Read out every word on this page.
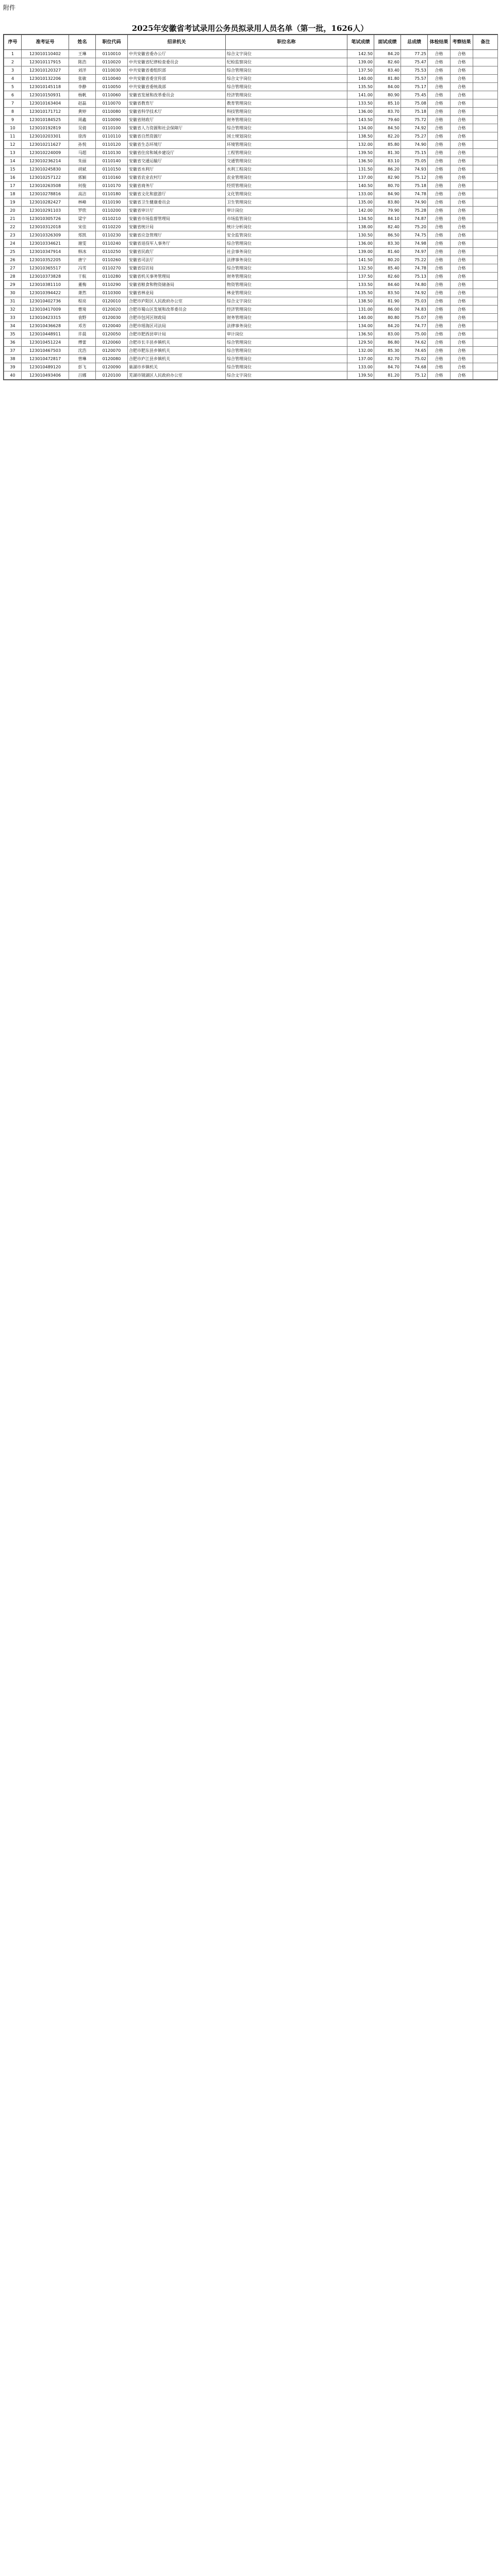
附件
2025年安徽省考试录用公务员拟录用人员名单（第一批，1626人）
序号	准考证号	姓名	职位代码	招录机关	职位名称	笔试成绩	面试成绩	总成绩	体检结果	考察结果	备注
1	123010110402	王琳	0110010	中共安徽省委办公厅	综合文字岗位	142.50	84.20	77.25	合格	合格	
2	123010117915	陈浩	0110020	中共安徽省纪律检查委员会	纪检监察岗位	139.00	82.60	75.47	合格	合格	
3	123010120327	刘洋	0110030	中共安徽省委组织部	综合管理岗位	137.50	83.40	75.53	合格	合格	
4	123010132206	张敏	0110040	中共安徽省委宣传部	综合文字岗位	140.00	81.80	75.57	合格	合格	
5	123010145118	李静	0110050	中共安徽省委统战部	综合管理岗位	135.50	84.00	75.17	合格	合格	
6	123010150931	杨帆	0110060	安徽省发展和改革委员会	经济管理岗位	141.00	80.90	75.45	合格	合格	
7	123010163404	赵磊	0110070	安徽省教育厅	教育管理岗位	133.50	85.10	75.08	合格	合格	
8	123010171712	黄婷	0110080	安徽省科学技术厅	科技管理岗位	136.00	83.70	75.18	合格	合格	
9	123010184525	周鑫	0110090	安徽省财政厅	财务管理岗位	143.50	79.60	75.72	合格	合格	
10	123010192819	吴倩	0110100	安徽省人力资源和社会保障厅	综合管理岗位	134.00	84.50	74.92	合格	合格	
11	123010203301	徐涛	0110110	安徽省自然资源厅	国土规划岗位	138.50	82.20	75.27	合格	合格	
12	123010211627	孙悦	0110120	安徽省生态环境厅	环境管理岗位	132.00	85.80	74.90	合格	合格	
13	123010224009	马超	0110130	安徽省住房和城乡建设厅	工程管理岗位	139.50	81.30	75.15	合格	合格	
14	123010236214	朱丽	0110140	安徽省交通运输厅	交通管理岗位	136.50	83.10	75.05	合格	合格	
15	123010245830	胡斌	0110150	安徽省水利厅	水利工程岗位	131.50	86.20	74.93	合格	合格	
16	123010257122	郭颖	0110160	安徽省农业农村厅	农业管理岗位	137.00	82.90	75.12	合格	合格	
17	123010263508	何俊	0110170	安徽省商务厅	经贸管理岗位	140.50	80.70	75.18	合格	合格	
18	123010278816	高洁	0110180	安徽省文化和旅游厅	文化管理岗位	133.00	84.90	74.78	合格	合格	
19	123010282427	林峰	0110190	安徽省卫生健康委员会	卫生管理岗位	135.00	83.80	74.90	合格	合格	
20	123010291103	罗欣	0110200	安徽省审计厅	审计岗位	142.00	79.90	75.28	合格	合格	
21	123010305726	梁宇	0110210	安徽省市场监督管理局	市场监管岗位	134.50	84.10	74.87	合格	合格	
22	123010312018	宋佳	0110220	安徽省统计局	统计分析岗位	138.00	82.40	75.20	合格	合格	
23	123010326309	郑凯	0110230	安徽省应急管理厅	安全监管岗位	130.50	86.50	74.75	合格	合格	
24	123010334621	谢雯	0110240	安徽省退役军人事务厅	综合管理岗位	136.00	83.30	74.98	合格	合格	
25	123010347914	韩冰	0110250	安徽省民政厅	社会事务岗位	139.00	81.60	74.97	合格	合格	
26	123010352205	唐宁	0110260	安徽省司法厅	法律事务岗位	141.50	80.20	75.22	合格	合格	
27	123010365517	冯雪	0110270	安徽省信访局	综合管理岗位	132.50	85.40	74.78	合格	合格	
28	123010373828	于航	0110280	安徽省机关事务管理局	财务管理岗位	137.50	82.60	75.13	合格	合格	
29	123010381110	董梅	0110290	安徽省粮食和物资储备局	物资管理岗位	133.50	84.60	74.80	合格	合格	
30	123010394422	萧然	0110300	安徽省林业局	林业管理岗位	135.50	83.50	74.92	合格	合格	
31	123010402736	程亮	0120010	合肥市庐阳区人民政府办公室	综合文字岗位	138.50	81.90	75.03	合格	合格	
32	123010417009	曹琦	0120020	合肥市蜀山区发展和改革委员会	经济管理岗位	131.00	86.00	74.83	合格	合格	
33	123010423315	袁野	0120030	合肥市包河区财政局	财务管理岗位	140.00	80.80	75.07	合格	合格	
34	123010436628	邓芳	0120040	合肥市瑶海区司法局	法律事务岗位	134.00	84.20	74.77	合格	合格	
35	123010448911	许晨	0120050	合肥市肥西县审计局	审计岗位	136.50	83.00	75.00	合格	合格	
36	123010451224	傅蕾	0120060	合肥市长丰县乡镇机关	综合管理岗位	129.50	86.80	74.62	合格	合格	
37	123010467503	沈浩	0120070	合肥市肥东县乡镇机关	综合管理岗位	132.00	85.30	74.65	合格	合格	
38	123010472817	曾琳	0120080	合肥市庐江县乡镇机关	综合管理岗位	137.00	82.70	75.02	合格	合格	
39	123010489120	彭飞	0120090	巢湖市乡镇机关	综合管理岗位	133.00	84.70	74.68	合格	合格	
40	123010493406	吕娜	0120100	芜湖市镜湖区人民政府办公室	综合文字岗位	139.50	81.20	75.12	合格	合格	
